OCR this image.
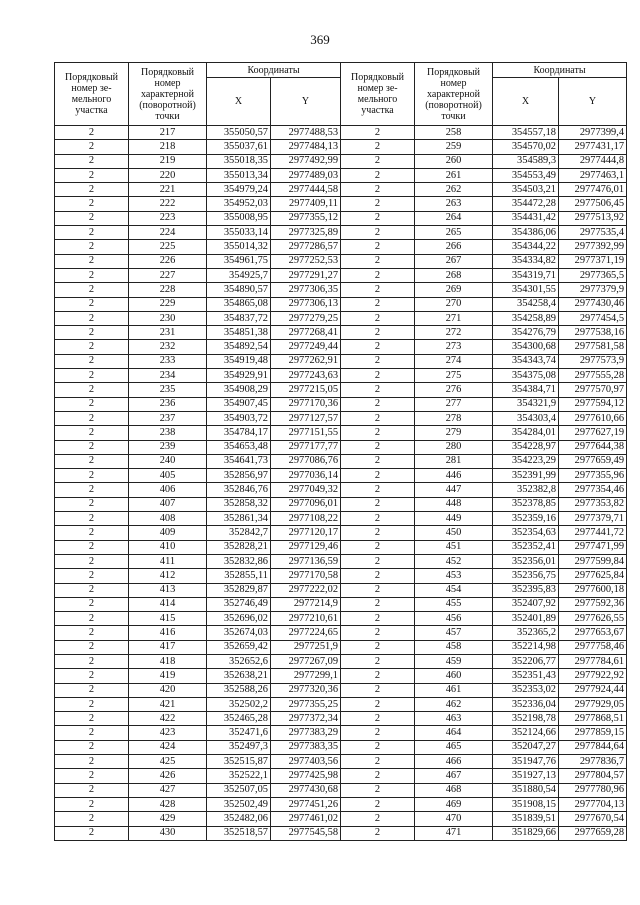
369
Порядковый номер зе-мельного участка	Порядковый номер характерной (поворотной) точки	Координаты		Порядковый номер зе-мельного участка	Порядковый номер характерной (поворотной) точки	Координаты	
		X	Y			X	Y
2	217	355050,57	2977488,53	2	258	354557,18	2977399,4
2	218	355037,61	2977484,13	2	259	354570,02	2977431,17
2	219	355018,35	2977492,99	2	260	354589,3	2977444,8
2	220	355013,34	2977489,03	2	261	354553,49	2977463,1
2	221	354979,24	2977444,58	2	262	354503,21	2977476,01
2	222	354952,03	2977409,11	2	263	354472,28	2977506,45
2	223	355008,95	2977355,12	2	264	354431,42	2977513,92
2	224	355033,14	2977325,89	2	265	354386,06	2977535,4
2	225	355014,32	2977286,57	2	266	354344,22	2977392,99
2	226	354961,75	2977252,53	2	267	354334,82	2977371,19
2	227	354925,7	2977291,27	2	268	354319,71	2977365,5
2	228	354890,57	2977306,35	2	269	354301,55	2977379,9
2	229	354865,08	2977306,13	2	270	354258,4	2977430,46
2	230	354837,72	2977279,25	2	271	354258,89	2977454,5
2	231	354851,38	2977268,41	2	272	354276,79	2977538,16
2	232	354892,54	2977249,44	2	273	354300,68	2977581,58
2	233	354919,48	2977262,91	2	274	354343,74	2977573,9
2	234	354929,91	2977243,63	2	275	354375,08	2977555,28
2	235	354908,29	2977215,05	2	276	354384,71	2977570,97
2	236	354907,45	2977170,36	2	277	354321,9	2977594,12
2	237	354903,72	2977127,57	2	278	354303,4	2977610,66
2	238	354784,17	2977151,55	2	279	354284,01	2977627,19
2	239	354653,48	2977177,77	2	280	354228,97	2977644,38
2	240	354641,73	2977086,76	2	281	354223,29	2977659,49
2	405	352856,97	2977036,14	2	446	352391,99	2977355,96
2	406	352846,76	2977049,32	2	447	352382,8	2977354,46
2	407	352858,32	2977096,01	2	448	352378,85	2977353,82
2	408	352861,34	2977108,22	2	449	352359,16	2977379,71
2	409	352842,7	2977120,17	2	450	352354,63	2977441,72
2	410	352828,21	2977129,46	2	451	352352,41	2977471,99
2	411	352832,86	2977136,59	2	452	352356,01	2977599,84
2	412	352855,11	2977170,58	2	453	352356,75	2977625,84
2	413	352829,87	2977222,02	2	454	352395,83	2977600,18
2	414	352746,49	2977214,9	2	455	352407,92	2977592,36
2	415	352696,02	2977210,61	2	456	352401,89	2977626,55
2	416	352674,03	2977224,65	2	457	352365,2	2977653,67
2	417	352659,42	2977251,9	2	458	352214,98	2977758,46
2	418	352652,6	2977267,09	2	459	352206,77	2977784,61
2	419	352638,21	2977299,1	2	460	352351,43	2977922,92
2	420	352588,26	2977320,36	2	461	352353,02	2977924,44
2	421	352502,2	2977355,25	2	462	352336,04	2977929,05
2	422	352465,28	2977372,34	2	463	352198,78	2977868,51
2	423	352471,6	2977383,29	2	464	352124,66	2977859,15
2	424	352497,3	2977383,35	2	465	352047,27	2977844,64
2	425	352515,87	2977403,56	2	466	351947,76	2977836,7
2	426	352522,1	2977425,98	2	467	351927,13	2977804,57
2	427	352507,05	2977430,68	2	468	351880,54	2977780,96
2	428	352502,49	2977451,26	2	469	351908,15	2977704,13
2	429	352482,06	2977461,02	2	470	351839,51	2977670,54
2	430	352518,57	2977545,58	2	471	351829,66	2977659,28
